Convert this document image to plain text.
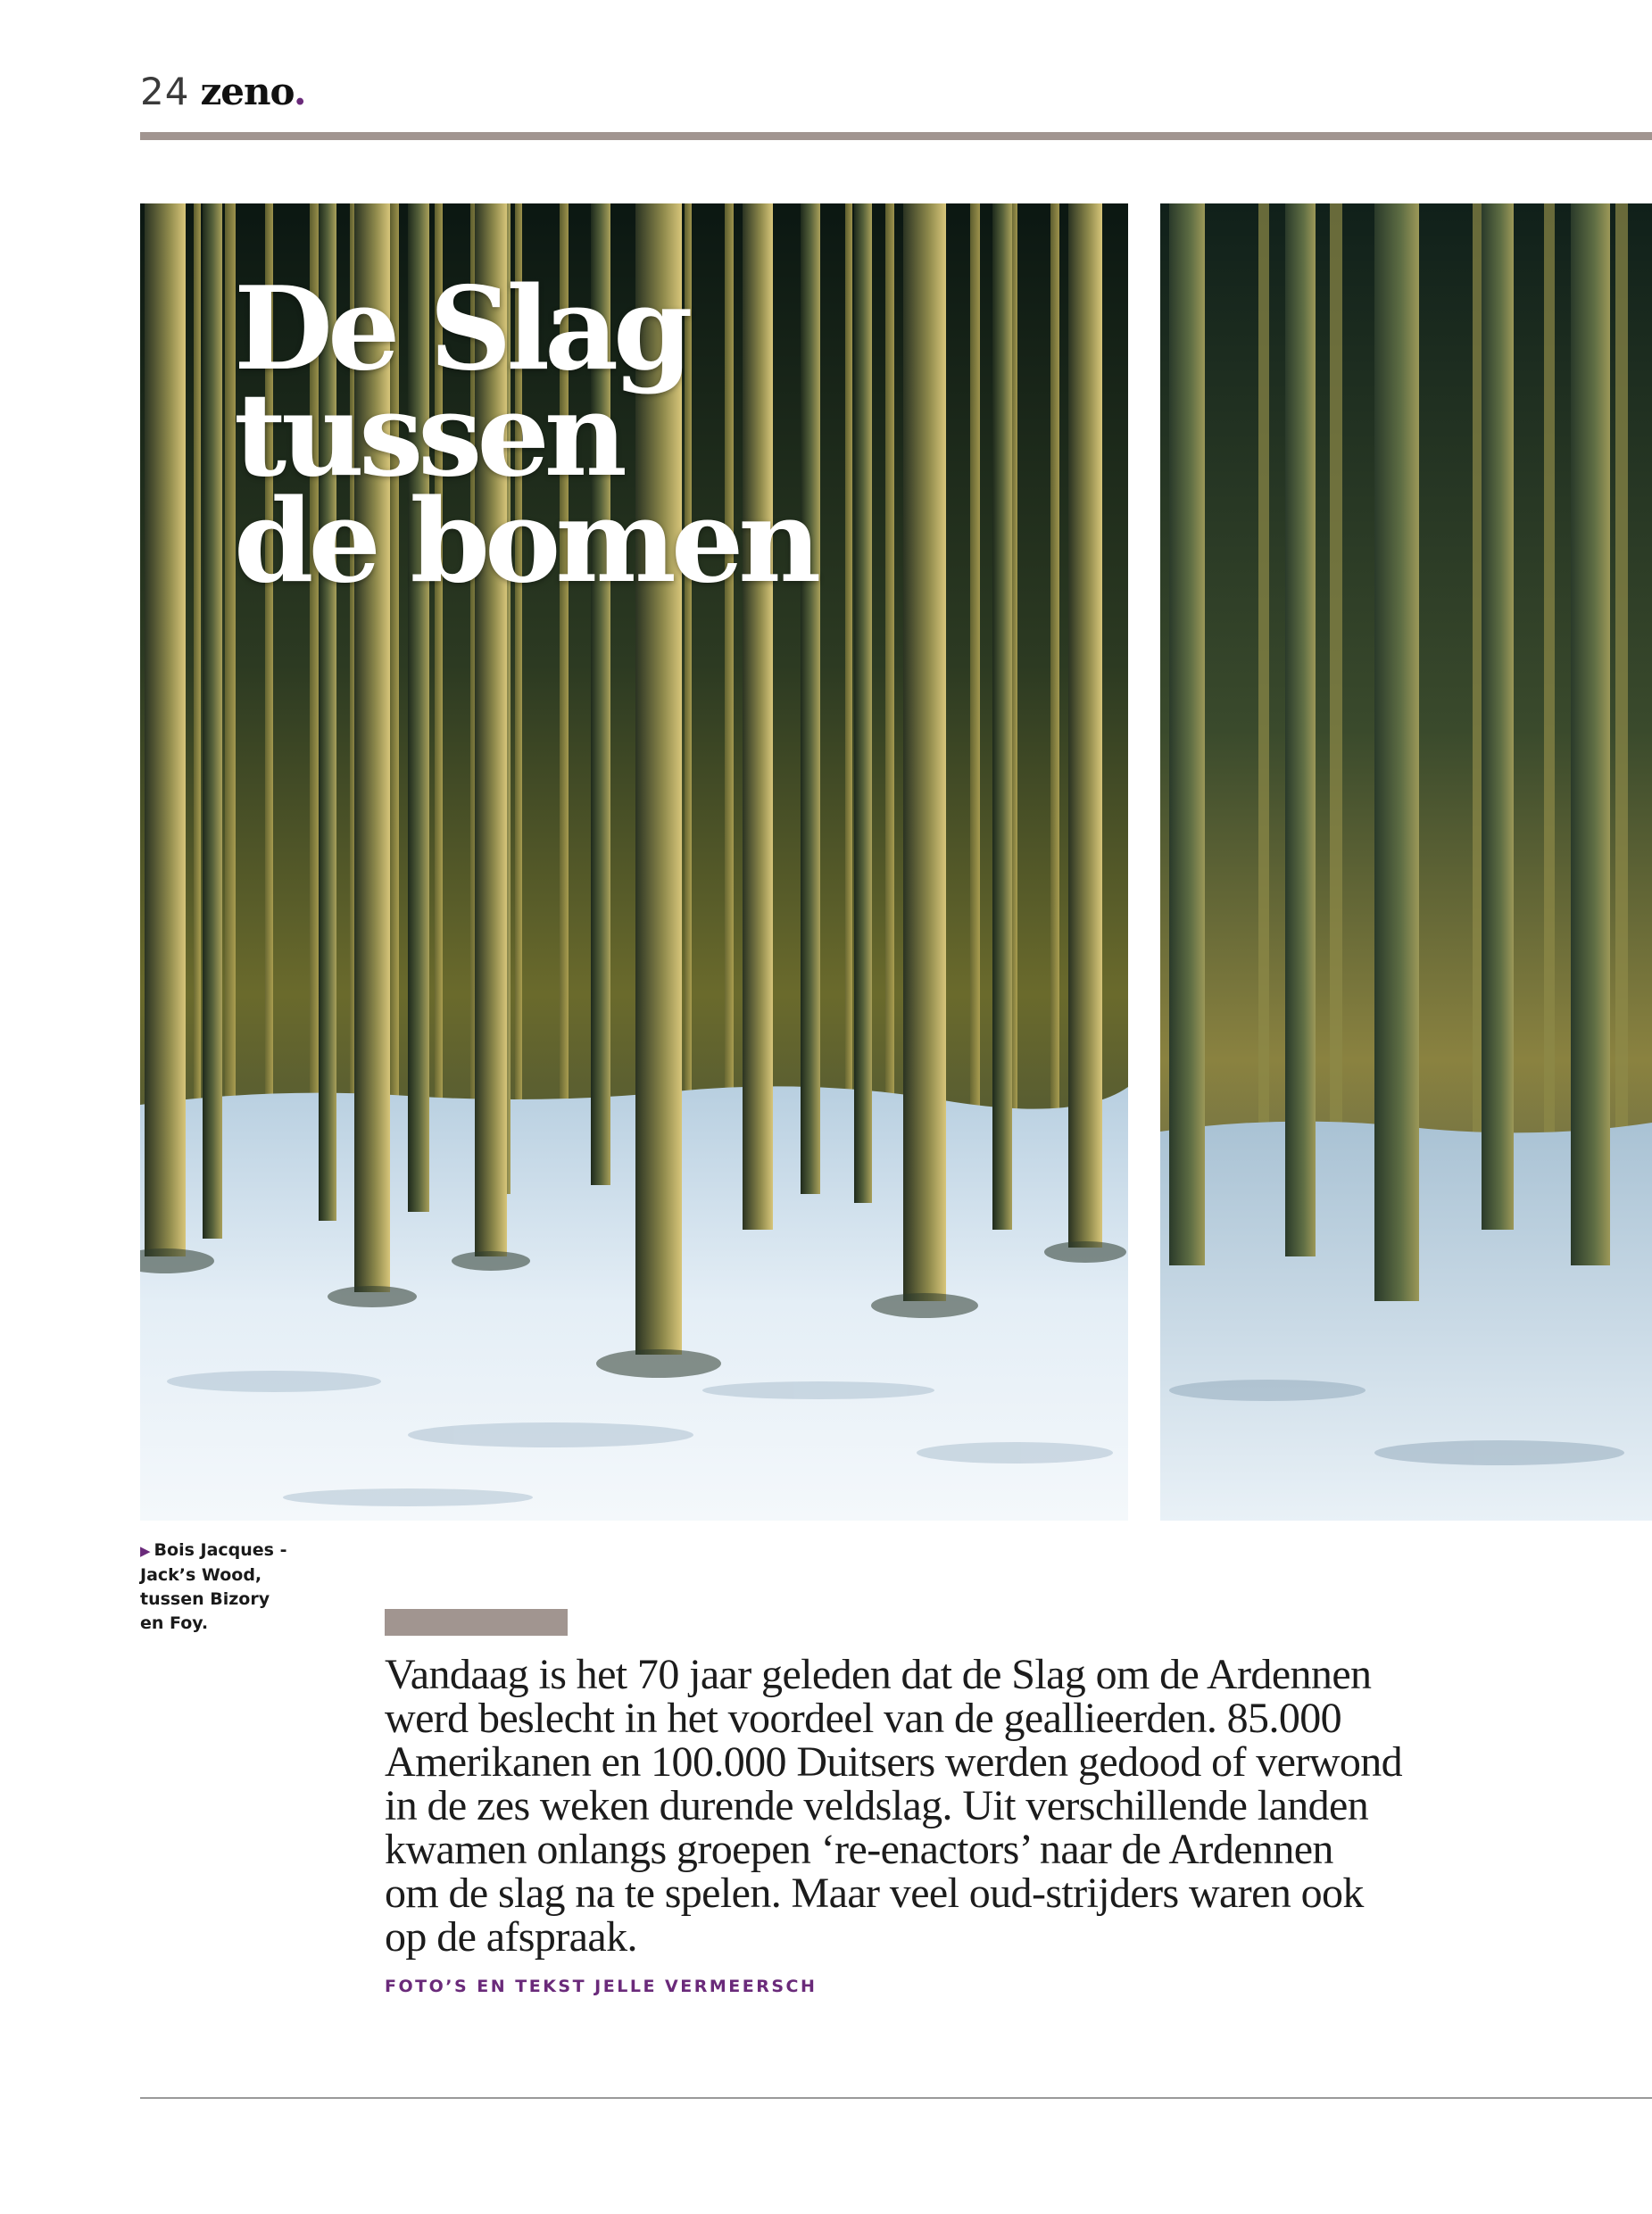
24 zeno.
De Slag tussen
de bomen
▶ Bois Jacques -
Jack’s Wood,
tussen Bizory
en Foy.

Vandaag is het 70 jaar geleden dat de Slag om de Ardennen
werd beslecht in het voordeel van de geallieerden. 85.000
Amerikanen en 100.000 Duitsers werden gedood of verwond
in de zes weken durende veldslag. Uit verschillende landen
kwamen onlangs groepen ‘re-enactors’ naar de Ardennen
om de slag na te spelen. Maar veel oud-strijders waren ook
op de afspraak.

FOTO’S EN TEKST JELLE VERMEERSCH
